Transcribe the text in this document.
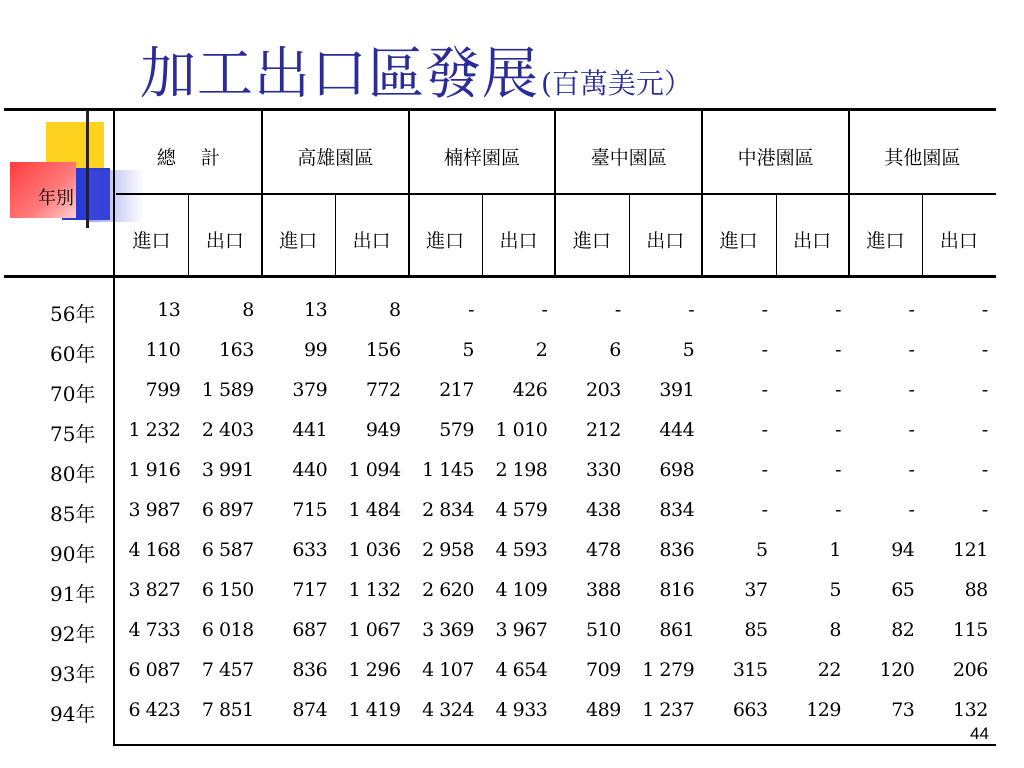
加工出口區發展(百萬美元）
年別
總　 計
進口	出口
高雄園區
進口	出口
楠梓園區
進口	出口
臺中園區
進口	出口
中港園區
進口	出口
其他園區
進口	出口
56年	13	8	13	8	-	-	-	-	-	-	-	-
60年	110	163	99	156	5	2	6	5	-	-	-	-
70年	799	1 589	379	772	217	426	203	391	-	-	-	-
75年	1 232	2 403	441	949	579	1 010	212	444	-	-	-	-
80年	1 916	3 991	440	1 094	1 145	2 198	330	698	-	-	-	-
85年	3 987	6 897	715	1 484	2 834	4 579	438	834	-	-	-	-
90年	4 168	6 587	633	1 036	2 958	4 593	478	836	5	1	94	121
91年	3 827	6 150	717	1 132	2 620	4 109	388	816	37	5	65	88
92年	4 733	6 018	687	1 067	3 369	3 967	510	861	85	8	82	115
93年	6 087	7 457	836	1 296	4 107	4 654	709	1 279	315	22	120	206
94年	6 423	7 851	874	1 419	4 324	4 933	489	1 237	663	129	73	132
44
